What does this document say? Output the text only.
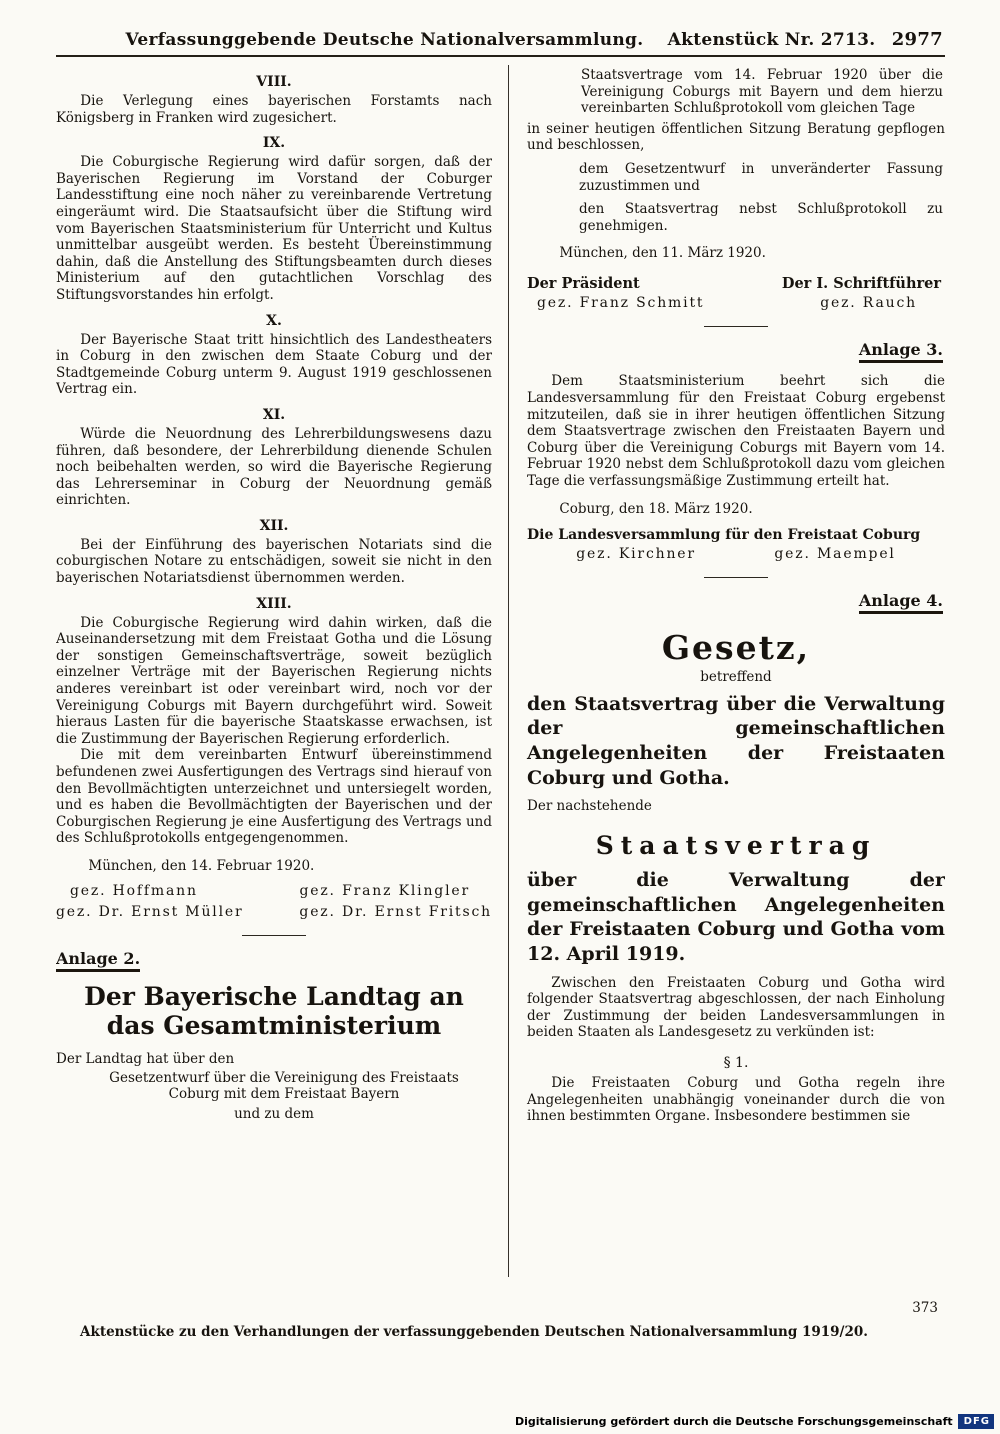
Verfassunggebende Deutsche Nationalversammlung. Aktenstück Nr. 2713. 2977
VIII.

Die Verlegung eines bayerischen Forstamts nach Königsberg in Franken wird zugesichert.

IX.

Die Coburgische Regierung wird dafür sorgen, daß der Bayerischen Regierung im Vorstand der Coburger Landesstiftung eine noch näher zu vereinbarende Vertretung eingeräumt wird. Die Staatsaufsicht über die Stiftung wird vom Bayerischen Staatsministerium für Unterricht und Kultus unmittelbar ausgeübt werden. Es besteht Übereinstimmung dahin, daß die Anstellung des Stiftungsbeamten durch dieses Ministerium auf den gutachtlichen Vorschlag des Stiftungsvorstandes hin erfolgt.

X.

Der Bayerische Staat tritt hinsichtlich des Landestheaters in Coburg in den zwischen dem Staate Coburg und der Stadtgemeinde Coburg unterm 9. August 1919 geschlossenen Vertrag ein.

XI.

Würde die Neuordnung des Lehrerbildungswesens dazu führen, daß besondere, der Lehrerbildung dienende Schulen noch beibehalten werden, so wird die Bayerische Regierung das Lehrerseminar in Coburg der Neuordnung gemäß einrichten.

XII.

Bei der Einführung des bayerischen Notariats sind die coburgischen Notare zu entschädigen, soweit sie nicht in den bayerischen Notariatsdienst übernommen werden.

XIII.

Die Coburgische Regierung wird dahin wirken, daß die Auseinandersetzung mit dem Freistaat Gotha und die Lösung der sonstigen Gemeinschaftsverträge, soweit bezüglich einzelner Verträge mit der Bayerischen Regierung nichts anderes vereinbart ist oder vereinbart wird, noch vor der Vereinigung Coburgs mit Bayern durchgeführt wird. Soweit hieraus Lasten für die bayerische Staatskasse erwachsen, ist die Zustimmung der Bayerischen Regierung erforderlich.

Die mit dem vereinbarten Entwurf übereinstimmend befundenen zwei Ausfertigungen des Vertrags sind hierauf von den Bevollmächtigten unterzeichnet und untersiegelt worden, und es haben die Bevollmächtigten der Bayerischen und der Coburgischen Regierung je eine Ausfertigung des Vertrags und des Schlußprotokolls entgegengenommen.

München, den 14. Februar 1920.

gez. Hoffmann	gez. Franz Klingler
gez. Dr. Ernst Müller	gez. Dr. Ernst Fritsch
Anlage 2.
Der Bayerische Landtag an das Gesamtministerium

Der Landtag hat über den

Gesetzentwurf über die Vereinigung des Freistaats Coburg mit dem Freistaat Bayern
und zu dem
Staatsvertrage vom 14. Februar 1920 über die Vereinigung Coburgs mit Bayern und dem hierzu vereinbarten Schlußprotokoll vom gleichen Tage

in seiner heutigen öffentlichen Sitzung Beratung gepflogen und beschlossen,

dem Gesetzentwurf in unveränderter Fassung zuzustimmen und
den Staatsvertrag nebst Schlußprotokoll zu genehmigen.

München, den 11. März 1920.

Der Präsident	Der I. Schriftführer
gez. Franz Schmitt	gez. Rauch
Anlage 3.

Dem Staatsministerium beehrt sich die Landesversammlung für den Freistaat Coburg ergebenst mitzuteilen, daß sie in ihrer heutigen öffentlichen Sitzung dem Staatsvertrage zwischen den Freistaaten Bayern und Coburg über die Vereinigung Coburgs mit Bayern vom 14. Februar 1920 nebst dem Schlußprotokoll dazu vom gleichen Tage die verfassungsmäßige Zustimmung erteilt hat.

Coburg, den 18. März 1920.

Die Landesversammlung für den Freistaat Coburg
gez. Kirchner	gez. Maempel
Anlage 4.
Gesetz,
betreffend
den Staatsvertrag über die Verwaltung der gemeinschaftlichen Angelegenheiten der Freistaaten Coburg und Gotha.

Der nachstehende

Staatsvertrag
über die Verwaltung der gemeinschaftlichen Angelegenheiten der Freistaaten Coburg und Gotha vom 12. April 1919.

Zwischen den Freistaaten Coburg und Gotha wird folgender Staatsvertrag abgeschlossen, der nach Einholung der Zustimmung der beiden Landesversammlungen in beiden Staaten als Landesgesetz zu verkünden ist:

§ 1.

Die Freistaaten Coburg und Gotha regeln ihre Angelegenheiten unabhängig voneinander durch die von ihnen bestimmten Organe. Insbesondere bestimmen sie

373
Aktenstücke zu den Verhandlungen der verfassunggebenden Deutschen Nationalversammlung 1919/20.
Digitalisierung gefördert durch die Deutsche Forschungsgemeinschaft	DFG
